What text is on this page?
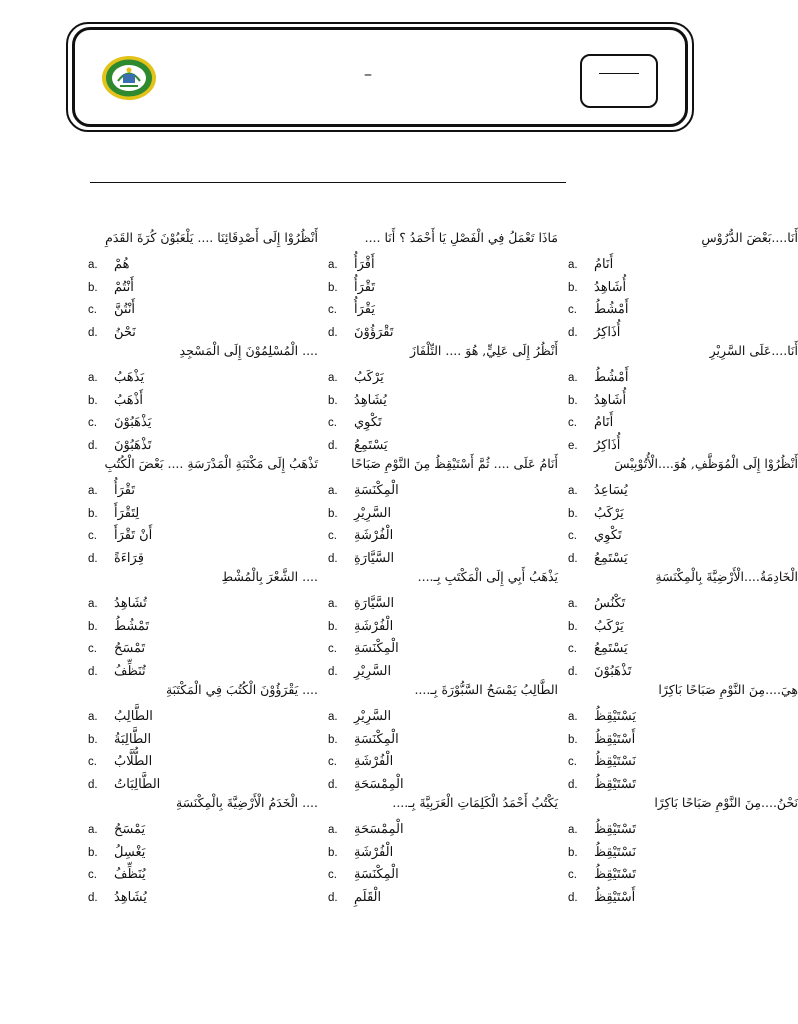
–
أَنْظُرُوْا إِلَى أَصْدِقَائِنَا .... يَلْعَبُوْنَ كُرَةَ القَدَمِ
a. هُمْ
b. أَنْتُمْ
c. أَنْتُنَّ
d. نَحْنُ
.... الْمُسْلِمُوْنَ إِلَى الْمَسْجِدِ
a. يَذْهَبُ
b. أَذْهَبُ
c. يَذْهَبُوْنَ
d. تَذْهَبُوْنَ
تَذْهَبُ إِلَى مَكْتَبَةِ الْمَدْرَسَةِ .... بَعْضَ الْكُتُبِ
a. تَقْرَأُ
b. لِتَقْرَأَ
c. أَنْ تَقْرَأَ
d. قِرَاءَةً
.... الشَّعْرَ بِالْمُشْطِ
a. تُشَاهِدُ
b. تَمْشُطُ
c. تَمْسَحُ
d. تُنَظِّفُ
.... يَقْرَؤُوْنَ الْكُتُبَ فِي الْمَكْتَبَةِ
a. الطَّالِبُ
b. الطَّالِبَةُ
c. الطُّلَّابُ
d. الطَّالِبَاتُ
.... الْخَدَمُ الْأَرْضِيَّةَ بِالْمِكْنَسَةِ
a. يَمْسَحُ
b. يَغْسِلُ
c. يُنَظِّفُ
d. يُشَاهِدُ
مَاذَا تَعْمَلُ فِي الْفَصْلِ يَا أَحْمَدُ ؟ أَنَا ....
a. أَقْرَأُ
b. تَقْرَأُ
c. يَقْرَأُ
d. تَقْرَؤُوْنَ
أَنْظُرُ إِلَى عَلِيٍّ, هُوَ .... التِّلْفَازَ
a. يَرْكَبُ
b. يُشَاهِدُ
c. تَكْوِي
d. يَسْتَمِعُ
أَنَامُ عَلَى .... ثُمَّ أَسْتَيْقِظُ مِنَ النَّوْمِ صَبَاحًا
a. الْمِكْنَسَةِ
b. السَّرِيْرِ
c. الْفُرْشَةِ
d. السَّيَّارَةِ
يَذْهَبُ أَبِي إِلَى الْمَكْتَبِ بِـ....
a. السَّيَّارَةِ
b. الْفُرْشَةِ
c. الْمِكْنَسَةِ
d. السَّرِيْرِ
الطَّالِبُ يَمْسَحُ السَّبُّوْرَةَ بِـ....
a. السَّرِيْرِ
b. الْمِكْنَسَةِ
c. الْفُرْشَةِ
d. الْمِمْسَحَةِ
يَكْتُبُ أَحْمَدُ الْكَلِمَاتِ الْعَرَبِيَّةَ بِـ....
a. الْمِمْسَحَةِ
b. الْفُرْشَةِ
c. الْمِكْنَسَةِ
d. الْقَلَمِ
أَنَا....بَعْضَ الدُّرُوْسِ
a. أَنَامُ
b. أُشَاهِدُ
c. أَمْشُطُ
d. أُذَاكِرُ
أَنَا....عَلَى السَّرِيْرِ
a. أَمْشُطُ
b. أُشَاهِدُ
c. أَنَامُ
e. أُذَاكِرُ
أَنْظُرُوْا إِلَى الْمُوَظَّفِ, هُوَ....الْأُتُوْبِيْسَ
a. يُسَاعِدُ
b. يَرْكَبُ
c. تَكْوِي
d. يَسْتَمِعُ
الْخَادِمَةُ....الْأَرْضِيَّةَ بِالْمِكْنَسَةِ
a. تَكْنُسُ
b. يَرْكَبُ
c. يَسْتَمِعُ
d. تَذْهَبُوْنَ
هِيَ....مِنَ النَّوْمِ صَبَاحًا بَاكِرًا
a. يَسْتَيْقِظُ
b. أَسْتَيْقِظُ
c. نَسْتَيْقِظُ
d. تَسْتَيْقِظُ
نَحْنُ....مِنَ النَّوْمِ صَبَاحًا بَاكِرًا
a. تَسْتَيْقِظُ
b. نَسْتَيْقِظُ
c. تَسْتَيْقِظُ
d. أَسْتَيْقِظُ
